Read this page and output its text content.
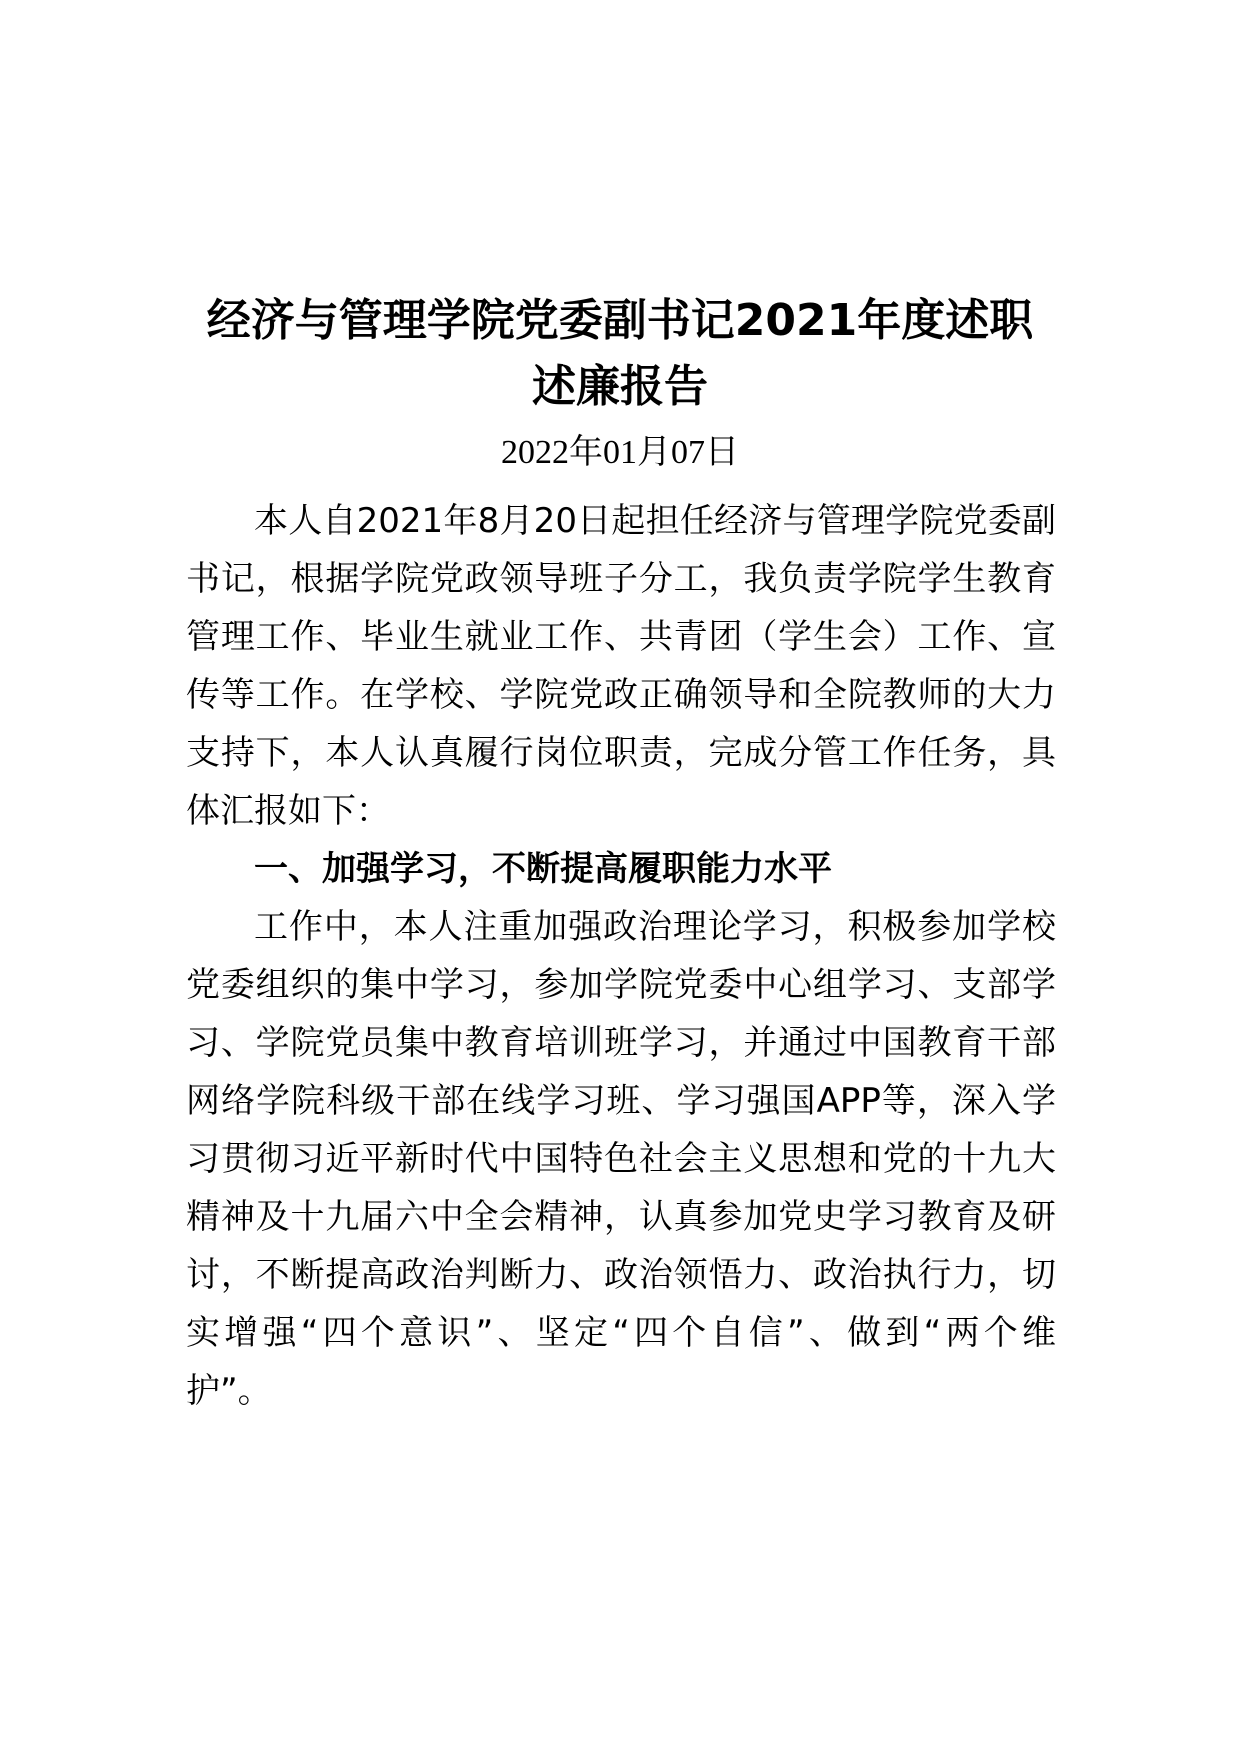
经济与管理学院党委副书记2021年度述职
述廉报告

2022年01月07日

本人自2021年8月20日起担任经济与管理学院党委副
书记，根据学院党政领导班子分工，我负责学院学生教育
管理工作、毕业生就业工作、共青团（学生会）工作、宣
传等工作。在学校、学院党政正确领导和全院教师的大力
支持下，本人认真履行岗位职责，完成分管工作任务，具
体汇报如下：
一、加强学习，不断提高履职能力水平
工作中，本人注重加强政治理论学习，积极参加学校
党委组织的集中学习，参加学院党委中心组学习、支部学
习、学院党员集中教育培训班学习，并通过中国教育干部
网络学院科级干部在线学习班、学习强国APP等，深入学
习贯彻习近平新时代中国特色社会主义思想和党的十九大
精神及十九届六中全会精神，认真参加党史学习教育及研
讨，不断提高政治判断力、政治领悟力、政治执行力，切
实增强“四个意识”、坚定“四个自信”、做到“两个维
护”。
